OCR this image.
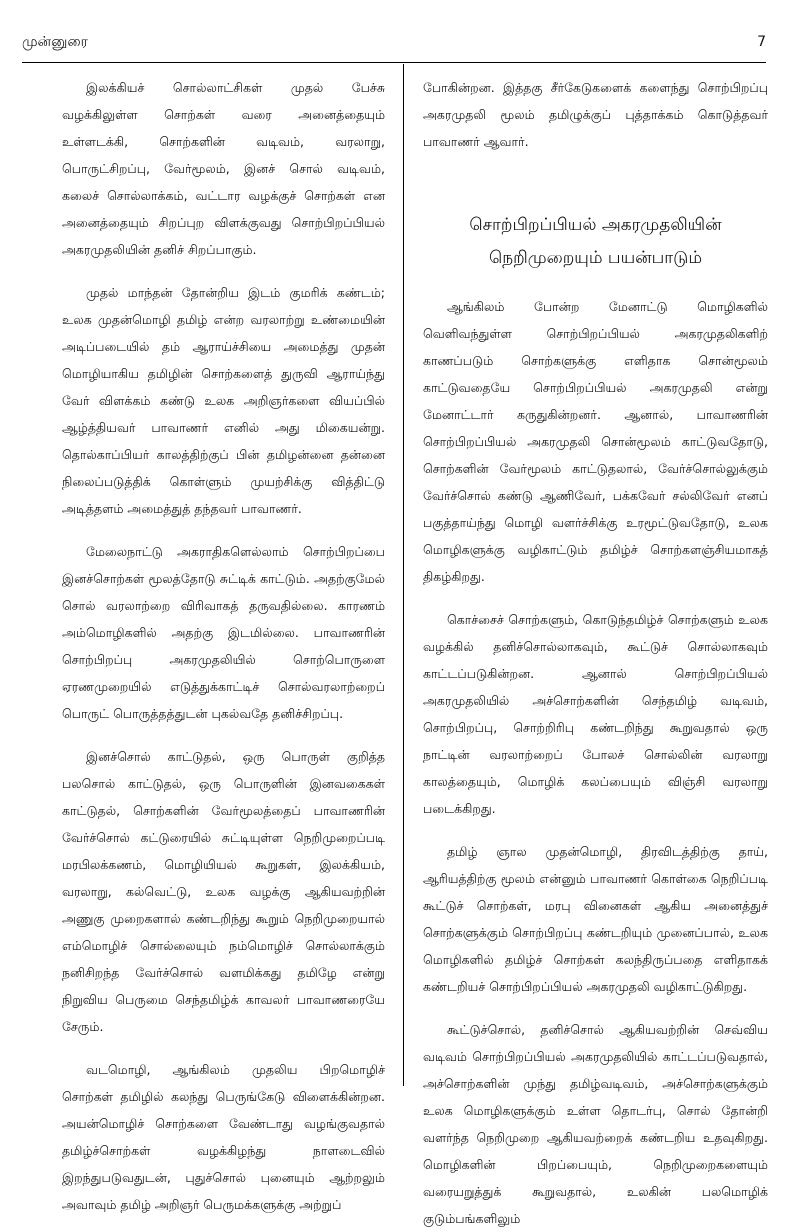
முன்னுரை	7

இலக்கியச் சொல்லாட்சிகள் முதல் பேச்சு வழக்கிலுள்ள சொற்கள் வரை அனைத்தையும் உள்ளடக்கி, சொற்களின் வடிவம், வரலாறு, பொருட்சிறப்பு, வேர்மூலம், இனச் சொல் வடிவம், கலைச் சொல்லாக்கம், வட்டார வழக்குச் சொற்கள் என அனைத்தையும் சிறப்புற விளக்குவது சொற்பிறப்பியல் அகரமுதலியின் தனிச் சிறப்பாகும்.

முதல் மாந்தன் தோன்றிய இடம் குமரிக் கண்டம்; உலக முதன்மொழி தமிழ் என்ற வரலாற்று உண்மையின் அடிப்படையில் தம் ஆராய்ச்சியை அமைத்து முதன் மொழியாகிய தமிழின் சொற்களைத் துருவி ஆராய்ந்து வேர் விளக்கம் கண்டு உலக அறிஞர்களை வியப்பில் ஆழ்த்தியவர் பாவாணர் எனில் அது மிகையன்று. தொல்காப்பியர் காலத்திற்குப் பின் தமிழன்னை தன்னை நிலைப்படுத்திக் கொள்ளும் முயற்சிக்கு வித்திட்டு அடித்தளம் அமைத்துத் தந்தவர் பாவாணர்.

மேலைநாட்டு அகராதிகளெல்லாம் சொற்பிறப்பை இனச்சொற்கள் மூலத்தோடு சுட்டிக் காட்டும். அதற்குமேல் சொல் வரலாற்றை விரிவாகத் தருவதில்லை. காரணம் அம்மொழிகளில் அதற்கு இடமில்லை. பாவாணரின் சொற்பிறப்பு அகரமுதலியில் சொற்பொருளை ஏரணமுறையில் எடுத்துக்காட்டிச் சொல்வரலாற்றைப் பொருட் பொருத்தத்துடன் புகல்வதே தனிச்சிறப்பு.

இனச்சொல் காட்டுதல், ஒரு பொருள் குறித்த பலசொல் காட்டுதல், ஒரு பொருளின் இனவகைகள் காட்டுதல், சொற்களின் வேர்மூலத்தைப் பாவாணரின் வேர்ச்சொல் கட்டுரையில் சுட்டியுள்ள நெறிமுறைப்படி மரபிலக்கணம், மொழியியல் கூறுகள், இலக்கியம், வரலாறு, கல்வெட்டு, உலக வழக்கு ஆகியவற்றின் அணுகு முறைகளால் கண்டறிந்து கூறும் நெறிமுறையால் எம்மொழிச் சொல்லையும் நம்மொழிச் சொல்லாக்கும் நனிசிறந்த வேர்ச்சொல் வளமிக்கது தமிழே என்று நிறுவிய பெருமை செந்தமிழ்க் காவலர் பாவாணரையே சேரும்.

வடமொழி, ஆங்கிலம் முதலிய பிறமொழிச் சொற்கள் தமிழில் கலந்து பெருங்கேடு விளைக்கின்றன. அயன்மொழிச் சொற்களை வேண்டாது வழங்குவதால் தமிழ்ச்சொற்கள் வழக்கிழந்து நாளடைவில் இறந்துபடுவதுடன், புதுச்சொல் புனையும் ஆற்றலும் அவாவும் தமிழ் அறிஞர் பெருமக்களுக்கு அற்றுப்

போகின்றன. இத்தகு சீர்கேடுகளைக் களைந்து சொற்பிறப்பு அகரமுதலி மூலம் தமிழுக்குப் புத்தாக்கம் கொடுத்தவர் பாவாணர் ஆவார்.

சொற்பிறப்பியல் அகரமுதலியின்
நெறிமுறையும் பயன்பாடும்

ஆங்கிலம் போன்ற மேனாட்டு மொழிகளில் வெளிவந்துள்ள சொற்பிறப்பியல் அகரமுதலிகளிற் காணப்படும் சொற்களுக்கு எளிதாக சொன்மூலம் காட்டுவதையே சொற்பிறப்பியல் அகரமுதலி என்று மேனாட்டார் கருதுகின்றனர். ஆனால், பாவாணரின் சொற்பிறப்பியல் அகரமுதலி சொன்மூலம் காட்டுவதோடு, சொற்களின் வேர்மூலம் காட்டுதலால், வேர்ச்சொல்லுக்கும் வேர்ச்சொல் கண்டு ஆணிவேர், பக்கவேர் சல்லிவேர் எனப் பகுத்தாய்ந்து மொழி வளர்ச்சிக்கு உரமூட்டுவதோடு, உலக மொழிகளுக்கு வழிகாட்டும் தமிழ்ச் சொற்களஞ்சியமாகத் திகழ்கிறது.

கொச்சைச் சொற்களும், கொடுந்தமிழ்ச் சொற்களும் உலக வழக்கில் தனிச்சொல்லாகவும், கூட்டுச் சொல்லாகவும் காட்டப்படுகின்றன. ஆனால் சொற்பிறப்பியல் அகரமுதலியில் அச்சொற்களின் செந்தமிழ் வடிவம், சொற்பிறப்பு, சொற்றிரிபு கண்டறிந்து கூறுவதால் ஒரு நாட்டின் வரலாற்றைப் போலச் சொல்லின் வரலாறு காலத்தையும், மொழிக் கலப்பையும் விஞ்சி வரலாறு படைக்கிறது.

தமிழ் ஞால முதன்மொழி, திரவிடத்திற்கு தாய், ஆரியத்திற்கு மூலம் என்னும் பாவாணர் கொள்கை நெறிப்படி கூட்டுச் சொற்கள், மரபு வினைகள் ஆகிய அனைத்துச் சொற்களுக்கும் சொற்பிறப்பு கண்டறியும் முனைப்பால், உலக மொழிகளில் தமிழ்ச் சொற்கள் கலந்திருப்பதை எளிதாகக் கண்டறியச் சொற்பிறப்பியல் அகரமுதலி வழிகாட்டுகிறது.

கூட்டுச்சொல், தனிச்சொல் ஆகியவற்றின் செவ்விய வடிவம் சொற்பிறப்பியல் அகரமுதலியில் காட்டப்படுவதால், அச்சொற்களின் முந்து தமிழ்வடிவம், அச்சொற்களுக்கும் உலக மொழிகளுக்கும் உள்ள தொடர்பு, சொல் தோன்றி வளர்ந்த நெறிமுறை ஆகியவற்றைக் கண்டறிய உதவுகிறது. மொழிகளின் பிறப்பையும், நெறிமுறைகளையும் வரையறுத்துக் கூறுவதால், உலகின் பலமொழிக் குடும்பங்களிலும்
